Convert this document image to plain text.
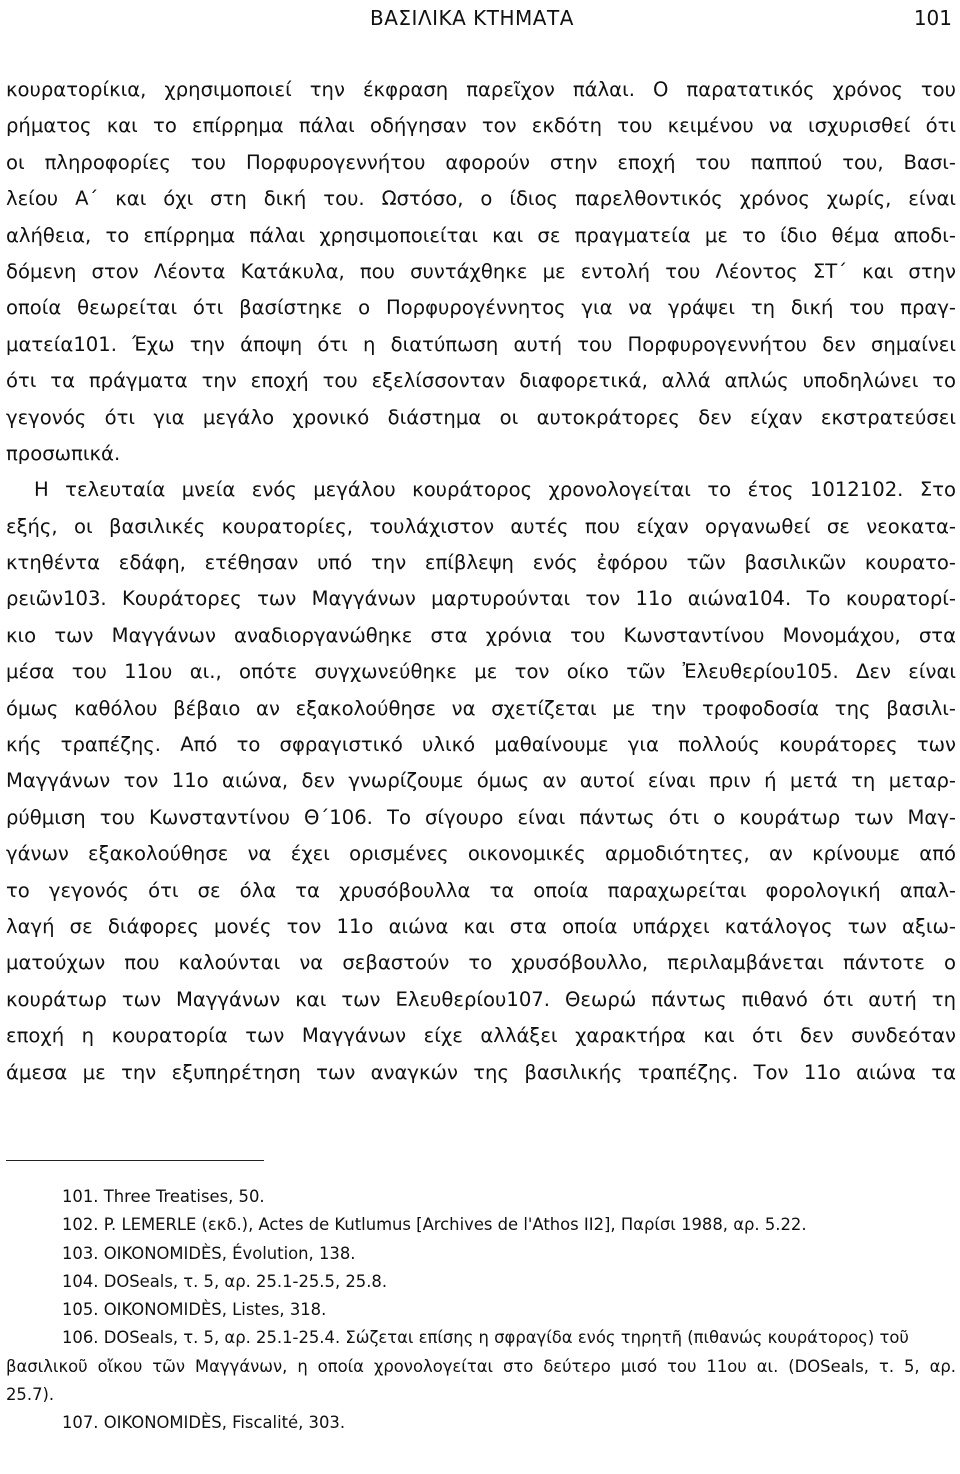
ΒΑΣΙΛΙΚΑ ΚΤΗΜΑΤΑ	101
κουρατορίκια, χρησιμοποιεί την έκφραση παρεῖχον πάλαι. Ο παρατατικός χρόνος του
ρήματος και το επίρρημα πάλαι οδήγησαν τον εκδότη του κειμένου να ισχυρισθεί ότι
οι πληροφορίες του Πορφυρογεννήτου αφορούν στην εποχή του παππού του, Βασι-
λείου Α΄ και όχι στη δική του. Ωστόσο, ο ίδιος παρελθοντικός χρόνος χωρίς, είναι
αλήθεια, το επίρρημα πάλαι χρησιμοποιείται και σε πραγματεία με το ίδιο θέμα αποδι-
δόμενη στον Λέοντα Κατάκυλα, που συντάχθηκε με εντολή του Λέοντος ΣΤ΄ και στην
οποία θεωρείται ότι βασίστηκε ο Πορφυρογέννητος για να γράψει τη δική του πραγ-
ματεία101. Έχω την άποψη ότι η διατύπωση αυτή του Πορφυρογεννήτου δεν σημαίνει
ότι τα πράγματα την εποχή του εξελίσσονταν διαφορετικά, αλλά απλώς υποδηλώνει το
γεγονός ότι για μεγάλο χρονικό διάστημα οι αυτοκράτορες δεν είχαν εκστρατεύσει
προσωπικά.
Η τελευταία μνεία ενός μεγάλου κουράτορος χρονολογείται το έτος 1012102. Στο
εξής, οι βασιλικές κουρατορίες, τουλάχιστον αυτές που είχαν οργανωθεί σε νεοκατα-
κτηθέντα εδάφη, ετέθησαν υπό την επίβλεψη ενός ἐφόρου τῶν βασιλικῶν κουρατο-
ρειῶν103. Κουράτορες των Μαγγάνων μαρτυρούνται τον 11ο αιώνα104. Το κουρατορί-
κιο των Μαγγάνων αναδιοργανώθηκε στα χρόνια του Κωνσταντίνου Μονομάχου, στα
μέσα του 11ου αι., οπότε συγχωνεύθηκε με τον οίκο τῶν Ἐλευθερίου105. Δεν είναι
όμως καθόλου βέβαιο αν εξακολούθησε να σχετίζεται με την τροφοδοσία της βασιλι-
κής τραπέζης. Από το σφραγιστικό υλικό μαθαίνουμε για πολλούς κουράτορες των
Μαγγάνων τον 11ο αιώνα, δεν γνωρίζουμε όμως αν αυτοί είναι πριν ή μετά τη μεταρ-
ρύθμιση του Κωνσταντίνου Θ΄106. Το σίγουρο είναι πάντως ότι ο κουράτωρ των Μαγ-
γάνων εξακολούθησε να έχει ορισμένες οικονομικές αρμοδιότητες, αν κρίνουμε από
το γεγονός ότι σε όλα τα χρυσόβουλλα τα οποία παραχωρείται φορολογική απαλ-
λαγή σε διάφορες μονές τον 11ο αιώνα και στα οποία υπάρχει κατάλογος των αξιω-
ματούχων που καλούνται να σεβαστούν το χρυσόβουλλο, περιλαμβάνεται πάντοτε ο
κουράτωρ των Μαγγάνων και των Ελευθερίου107. Θεωρώ πάντως πιθανό ότι αυτή τη
εποχή η κουρατορία των Μαγγάνων είχε αλλάξει χαρακτήρα και ότι δεν συνδεόταν
άμεσα με την εξυπηρέτηση των αναγκών της βασιλικής τραπέζης. Τον 11ο αιώνα τα
101. Three Treatises, 50.
102. P. LEMERLE (εκδ.), Actes de Kutlumus [Archives de l'Athos II2], Παρίσι 1988, αρ. 5.22.
103. OIKONOMIDÈS, Évolution, 138.
104. DOSeals, τ. 5, αρ. 25.1-25.5, 25.8.
105. OIKONOMIDÈS, Listes, 318.
106. DOSeals, τ. 5, αρ. 25.1-25.4. Σώζεται επίσης η σφραγίδα ενός τηρητῆ (πιθανώς κουράτορος) τοῦ
βασιλικοῦ οἴκου τῶν Μαγγάνων, η οποία χρονολογείται στο δεύτερο μισό του 11ου αι. (DOSeals, τ. 5, αρ.
25.7).
107. OIKONOMIDÈS, Fiscalité, 303.
